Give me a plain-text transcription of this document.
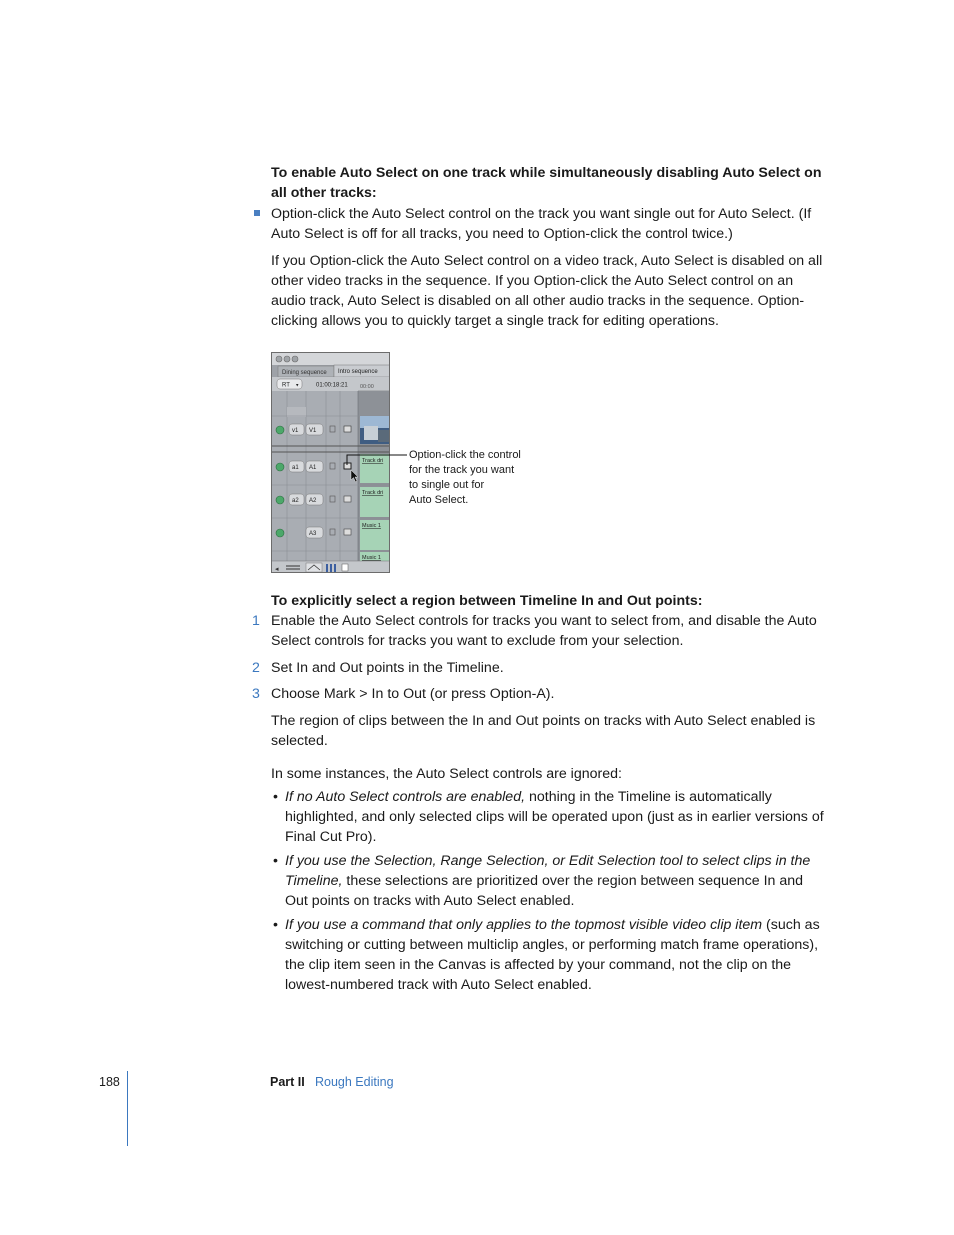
To enable Auto Select on one track while simultaneously disabling Auto Select on all other tracks:

Option-click the Auto Select control on the track you want single out for Auto Select. (If Auto Select is off for all tracks, you need to Option-click the control twice.)

If you Option-click the Auto Select control on a video track, Auto Select is disabled on all other video tracks in the sequence. If you Option-click the Auto Select control on an audio track, Auto Select is disabled on all other audio tracks in the sequence. Option-clicking allows you to quickly target a single track for editing operations.

Dining sequence Intro sequence
RT ▾	01:00:18:21 00:00
v1 V1
a1 A1
a2 A2
A3
Track dri
Track dri
Music 1
Music 1
◂
Option-click the control
for the track you want
to single out for
Auto Select.

To explicitly select a region between Timeline In and Out points:

1 Enable the Auto Select controls for tracks you want to select from, and disable the Auto Select controls for tracks you want to exclude from your selection.

2 Set In and Out points in the Timeline.

3 Choose Mark > In to Out (or press Option-A).

The region of clips between the In and Out points on tracks with Auto Select enabled is selected.

In some instances, the Auto Select controls are ignored:

• If no Auto Select controls are enabled, nothing in the Timeline is automatically highlighted, and only selected clips will be operated upon (just as in earlier versions of Final Cut Pro).

• If you use the Selection, Range Selection, or Edit Selection tool to select clips in the Timeline, these selections are prioritized over the region between sequence In and Out points on tracks with Auto Select enabled.

• If you use a command that only applies to the topmost visible video clip item (such as switching or cutting between multiclip angles, or performing match frame operations), the clip item seen in the Canvas is affected by your command, not the clip on the lowest-numbered track with Auto Select enabled.

188	Part II Rough Editing
